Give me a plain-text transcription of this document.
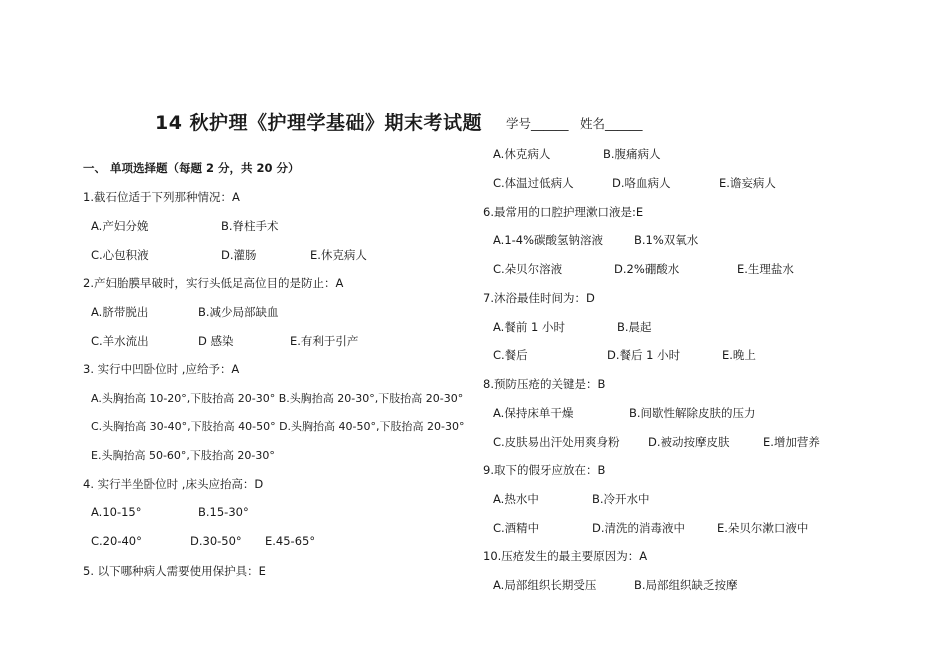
14 秋护理《护理学基础》期末考试题 学号______ 姓名______
一、 单项选择题（每题 2 分，共 20 分）
1.截石位适于下列那种情况：A
A.产妇分娩	B.脊柱手术
C.心包积液	D.灌肠	E.休克病人
2.产妇胎膜早破时，实行头低足高位目的是防止：A
A.脐带脱出	B.减少局部缺血
C.羊水流出	D 感染	E.有利于引产
3. 实行中凹卧位时 ,应给予：A
A.头胸抬高 10-20°,下肢抬高 20-30° B.头胸抬高 20-30°,下肢抬高 20-30°
C.头胸抬高 30-40°,下肢抬高 40-50° D.头胸抬高 40-50°,下肢抬高 20-30°
E.头胸抬高 50-60°,下肢抬高 20-30°
4. 实行半坐卧位时 ,床头应抬高：D
A.10-15°	B.15-30°
C.20-40°	D.30-50° E.45-65°
5. 以下哪种病人需要使用保护具：E
A.休克病人	B.腹痛病人
C.体温过低病人	D.咯血病人	E.谵妄病人
6.最常用的口腔护理漱口液是:E
A.1-4%碳酸氢钠溶液	B.1%双氧水
C.朵贝尔溶液	D.2%硼酸水	E.生理盐水
7.沐浴最佳时间为：D
A.餐前 1 小时	B.晨起
C.餐后	D.餐后 1 小时	E.晚上
8.预防压疮的关键是：B
A.保持床单干燥	B.间歇性解除皮肤的压力
C.皮肤易出汗处用爽身粉 D.被动按摩皮肤	E.增加营养
9.取下的假牙应放在：B
A.热水中	B.冷开水中
C.酒精中	D.清洗的消毒液中	E.朵贝尔漱口液中
10.压疮发生的最主要原因为：A
A.局部组织长期受压	B.局部组织缺乏按摩
